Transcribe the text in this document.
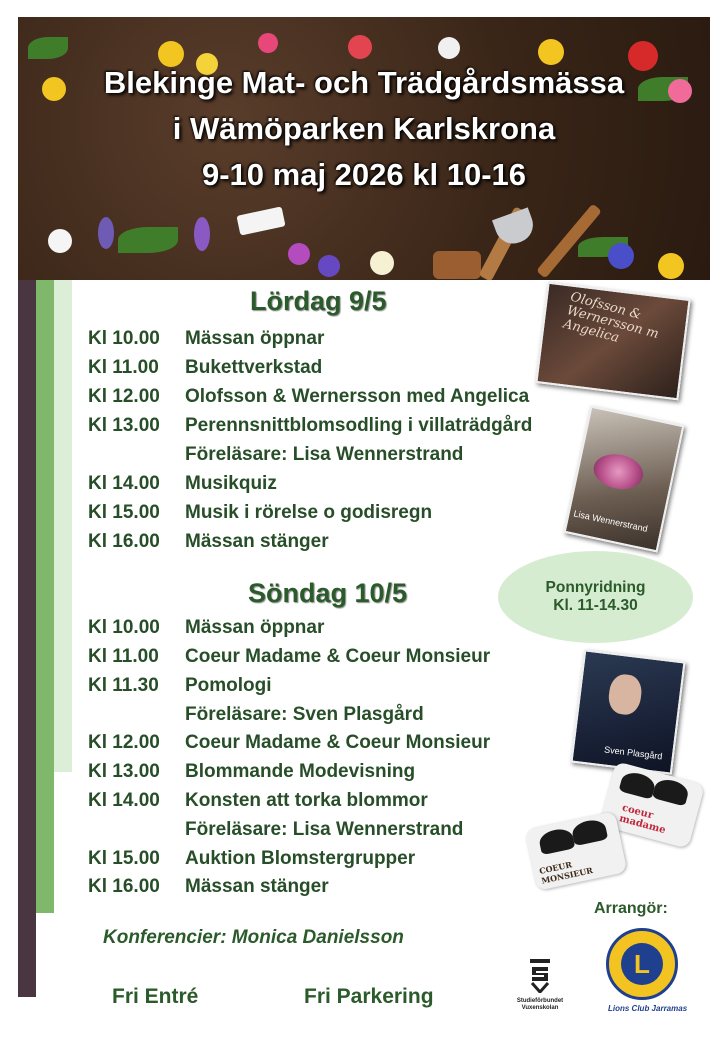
Blekinge Mat- och Trädgårdsmässa
i Wämöparken Karlskrona
9-10 maj 2026 kl 10-16
Lördag 9/5
Kl 10.00 Mässan öppnar
Kl 11.00 Bukettverkstad
Kl 12.00 Olofsson & Wernersson med Angelica
Kl 13.00 Perennsnittblomsodling i villaträdgård
Föreläsare: Lisa Wennerstrand
Kl 14.00 Musikquiz
Kl 15.00 Musik i rörelse o godisregn
Kl 16.00 Mässan stänger
Söndag 10/5
Kl 10.00 Mässan öppnar
Kl 11.00 Coeur Madame & Coeur Monsieur
Kl 11.30 Pomologi
Föreläsare: Sven Plasgård
Kl 12.00 Coeur Madame & Coeur Monsieur
Kl 13.00 Blommande Modevisning
Kl 14.00 Konsten att torka blommor
Föreläsare: Lisa Wennerstrand
Kl 15.00 Auktion Blomstergrupper
Kl 16.00 Mässan stänger
Ponnyridning
Kl. 11-14.30
Olofsson & Wernersson m Angelica
Lisa Wennerstrand
Sven Plasgård
coeur madame
COEUR MONSIEUR
Konferencier: Monica Danielsson
Fri Entré	Fri Parkering
Arrangör:
Studieförbundet Vuxenskolan
L
Lions Club Jarramas
